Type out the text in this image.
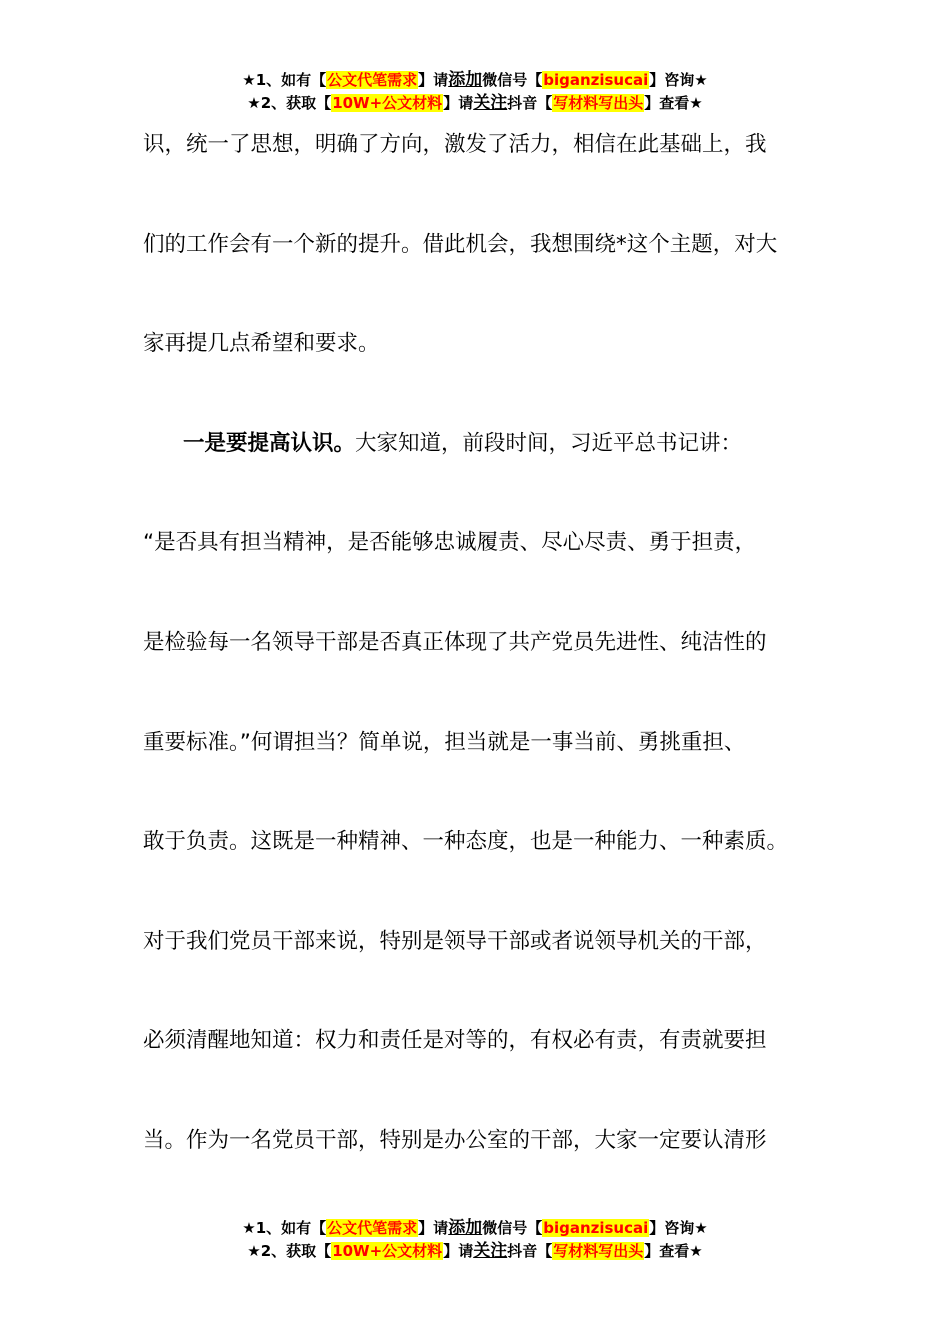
★1、如有【公文代笔需求】请添加微信号【biganzisucai】咨询★
★2、获取【10W+公文材料】请关注抖音【写材料写出头】查看★
识，统一了思想，明确了方向，激发了活力，相信在此基础上，我
们的工作会有一个新的提升。借此机会，我想围绕*这个主题，对大
家再提几点希望和要求。
一是要提高认识。大家知道，前段时间，习近平总书记讲：
“是否具有担当精神，是否能够忠诚履责、尽心尽责、勇于担责，
是检验每一名领导干部是否真正体现了共产党员先进性、纯洁性的
重要标准。”何谓担当？简单说，担当就是一事当前、勇挑重担、
敢于负责。这既是一种精神、一种态度，也是一种能力、一种素质。
对于我们党员干部来说，特别是领导干部或者说领导机关的干部，
必须清醒地知道：权力和责任是对等的，有权必有责，有责就要担
当。作为一名党员干部，特别是办公室的干部，大家一定要认清形
★1、如有【公文代笔需求】请添加微信号【biganzisucai】咨询★
★2、获取【10W+公文材料】请关注抖音【写材料写出头】查看★
